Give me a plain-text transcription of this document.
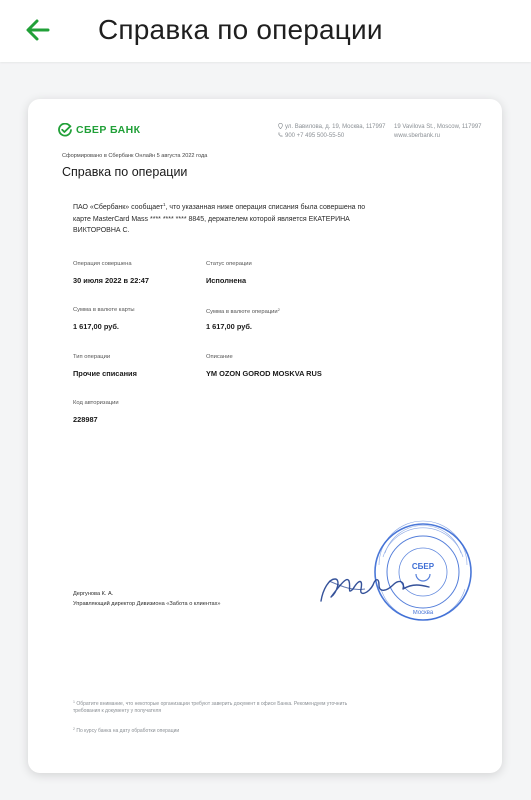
Справка по операции
СБЕР БАНК	ул. Вавилова, д. 19, Москва, 117997
900 +7 495 500-55-50
19 Vavilova St., Moscow, 117997
www.sberbank.ru
Сформировано в Сбербанк Онлайн 5 августа 2022 года
Справка по операции
ПАО «Сбербанк» сообщает$^1$, что указанная ниже операция списания была совершена по карте MasterCard Mass **** **** **** 8845, держателем которой является ЕКАТЕРИНА ВИКТОРОВНА С.
Операция совершена
30 июля 2022 в 22:47
Статус операции
Исполнена
Сумма в валюте карты
1 617,00 руб.
Сумма в валюте операции$^2$
1 617,00 руб.
Тип операции
Прочие списания
Описание
YM OZON GOROD MOSKVA RUS
Код авторизации
228987
СБЕР
Москва
Дергунова К. А.
Управляющий директор Дивизиона «Забота о клиентах»
$^1$ Обратите внимание, что некоторые организации требуют заверить документ в офисе Банка. Рекомендуем уточнить требования к документу у получателя
$^2$ По курсу банка на дату обработки операции
